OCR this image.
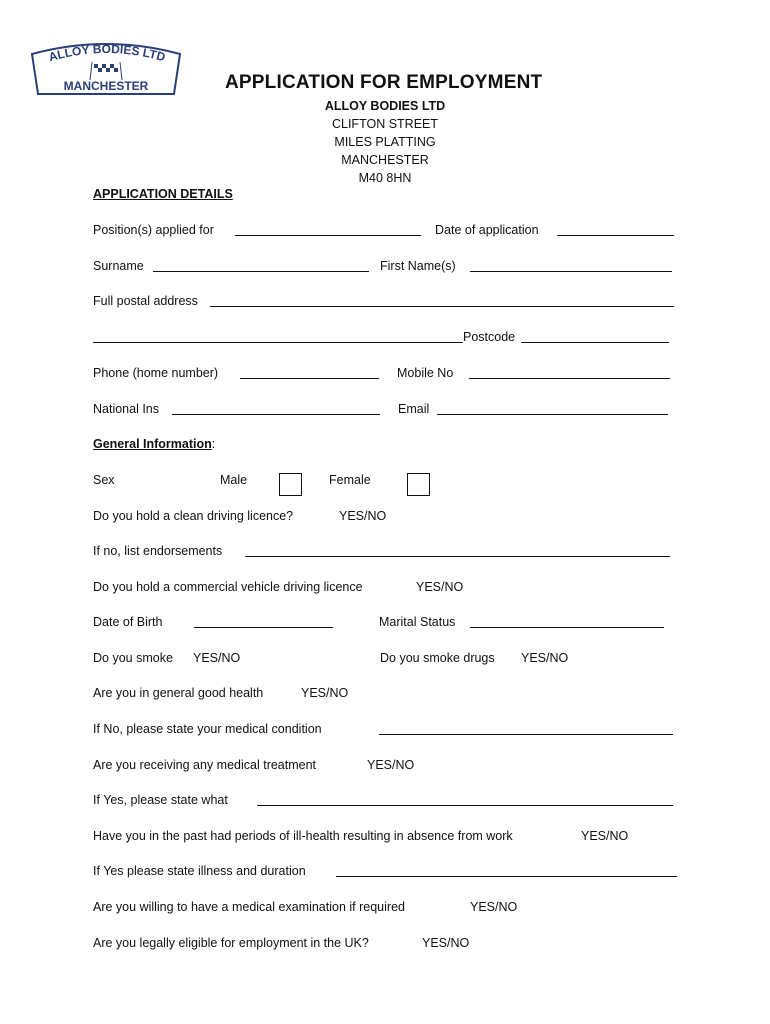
ALLOY BODIES LTD
MANCHESTER	APPLICATION FOR EMPLOYMENT
ALLOY BODIES LTD
CLIFTON STREET
MILES PLATTING
MANCHESTER
M40 8HN
APPLICATION DETAILS
Position(s) applied for	Date of application
Surname	First Name(s)
Full postal address
Postcode
Phone (home number)	Mobile No
National Ins	Email
General Information:
Sex	Male	Female
Do you hold a clean driving licence?	YES/NO
If no, list endorsements
Do you hold a commercial vehicle driving licence	YES/NO
Date of Birth	Marital Status
Do you smoke YES/NO	Do you smoke drugs YES/NO
Are you in general good health	YES/NO
If No, please state your medical condition
Are you receiving any medical treatment	YES/NO
If Yes, please state what
Have you in the past had periods of ill-health resulting in absence from work	YES/NO
If Yes please state illness and duration
Are you willing to have a medical examination if required	YES/NO
Are you legally eligible for employment in the UK?	YES/NO
